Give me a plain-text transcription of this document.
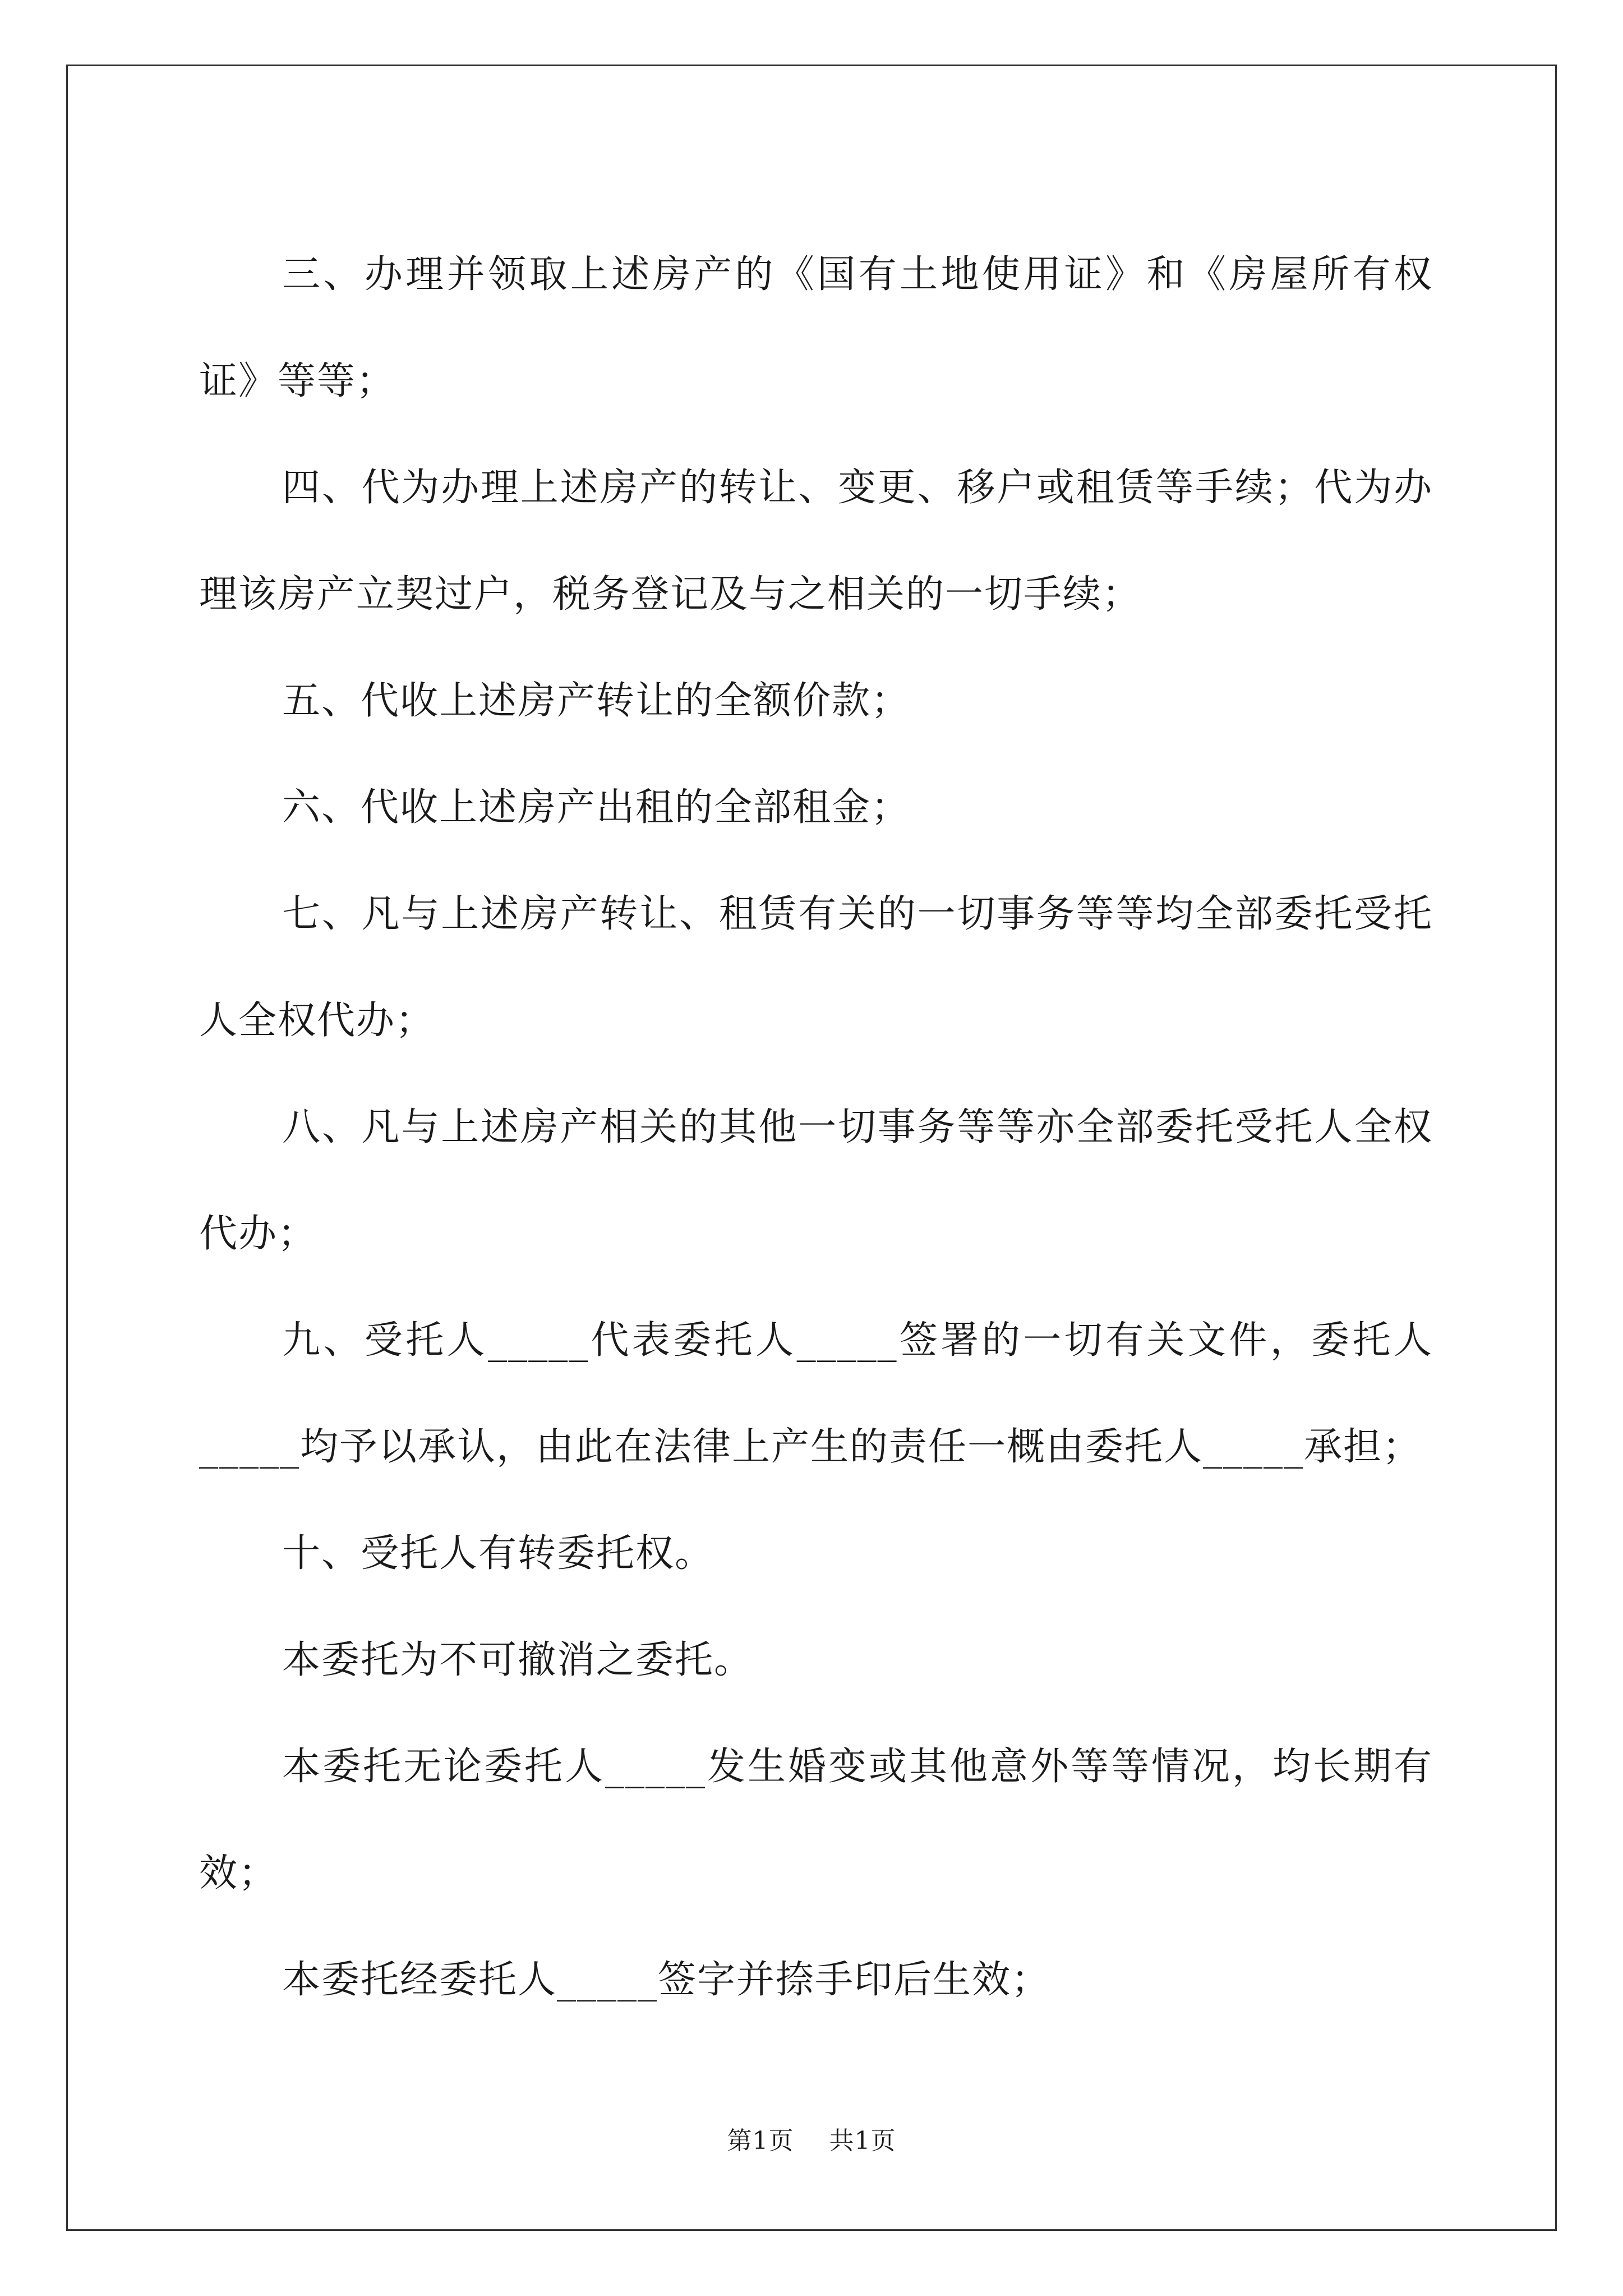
三、办理并领取上述房产的《国有土地使用证》和《房屋所有权证》等等；

四、代为办理上述房产的转让、变更、移户或租赁等手续；代为办理该房产立契过户，税务登记及与之相关的一切手续；

五、代收上述房产转让的全额价款；

六、代收上述房产出租的全部租金；

七、凡与上述房产转让、租赁有关的一切事务等等均全部委托受托人全权代办；

八、凡与上述房产相关的其他一切事务等等亦全部委托受托人全权代办；

九、受托人_____代表委托人_____签署的一切有关文件，委托人_____均予以承认，由此在法律上产生的责任一概由委托人_____承担；

十、受托人有转委托权。

本委托为不可撤消之委托。

本委托无论委托人_____发生婚变或其他意外等等情况，均长期有效；

本委托经委托人_____签字并捺手印后生效；

第1页 共1页
